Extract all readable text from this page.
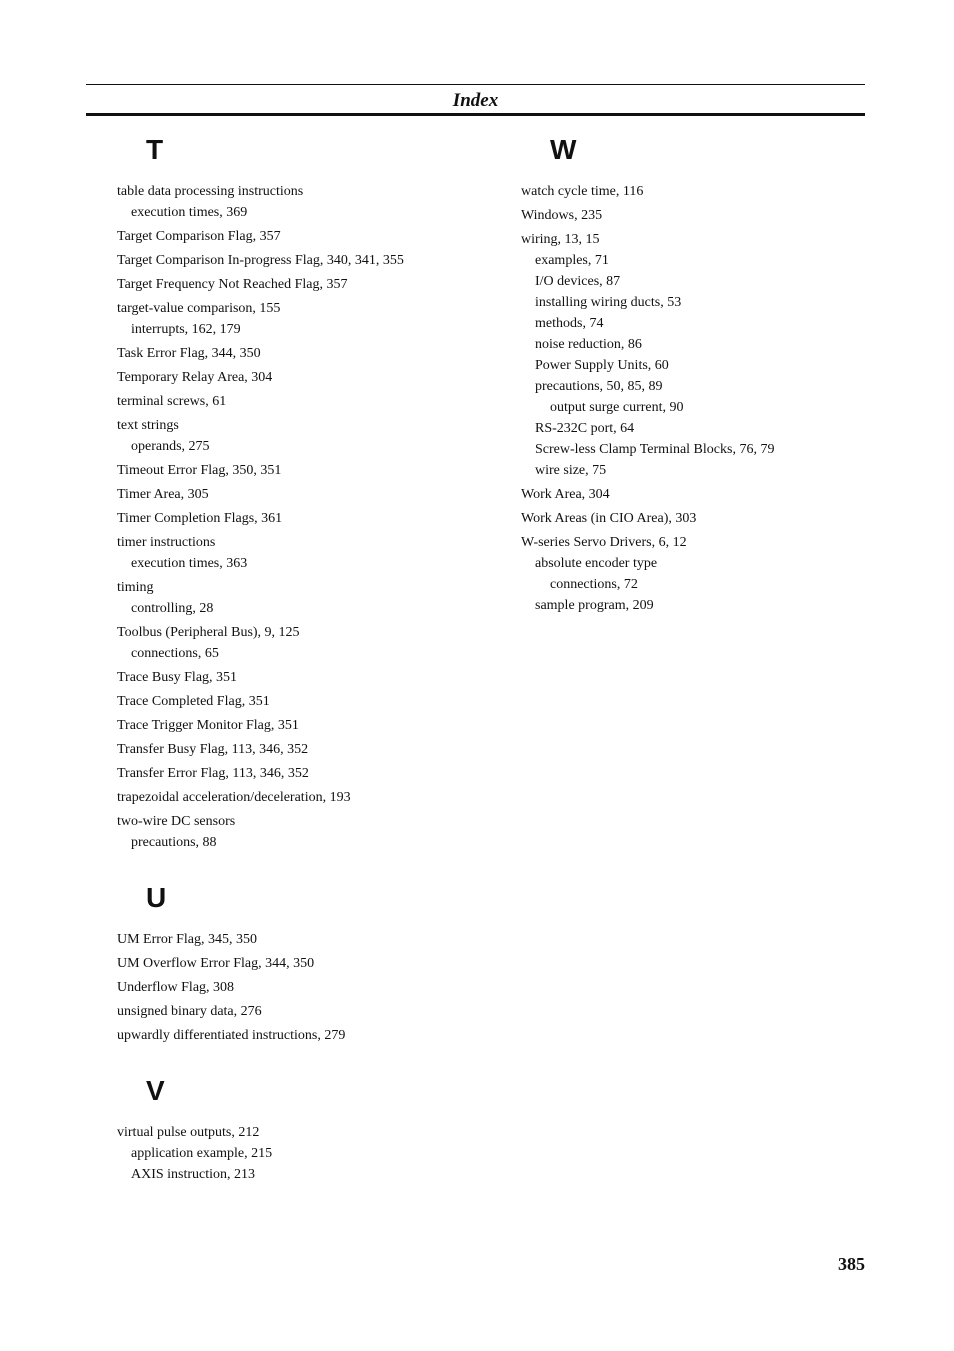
Index
T
table data processing instructions
execution times, 369
Target Comparison Flag, 357
Target Comparison In-progress Flag, 340, 341, 355
Target Frequency Not Reached Flag, 357
target-value comparison, 155
interrupts, 162, 179
Task Error Flag, 344, 350
Temporary Relay Area, 304
terminal screws, 61
text strings
operands, 275
Timeout Error Flag, 350, 351
Timer Area, 305
Timer Completion Flags, 361
timer instructions
execution times, 363
timing
controlling, 28
Toolbus (Peripheral Bus), 9, 125
connections, 65
Trace Busy Flag, 351
Trace Completed Flag, 351
Trace Trigger Monitor Flag, 351
Transfer Busy Flag, 113, 346, 352
Transfer Error Flag, 113, 346, 352
trapezoidal acceleration/deceleration, 193
two-wire DC sensors
precautions, 88
U
UM Error Flag, 345, 350
UM Overflow Error Flag, 344, 350
Underflow Flag, 308
unsigned binary data, 276
upwardly differentiated instructions, 279
V
virtual pulse outputs, 212
application example, 215
AXIS instruction, 213
W
watch cycle time, 116
Windows, 235
wiring, 13, 15
examples, 71
I/O devices, 87
installing wiring ducts, 53
methods, 74
noise reduction, 86
Power Supply Units, 60
precautions, 50, 85, 89
output surge current, 90
RS-232C port, 64
Screw-less Clamp Terminal Blocks, 76, 79
wire size, 75
Work Area, 304
Work Areas (in CIO Area), 303
W-series Servo Drivers, 6, 12
absolute encoder type
connections, 72
sample program, 209
385
